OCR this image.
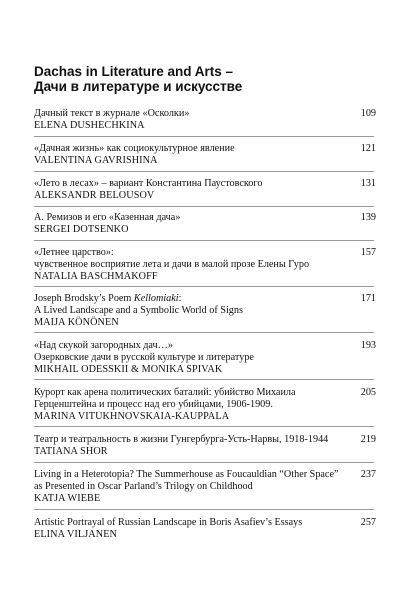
Dachas in Literature and Arts –
Дачи в литературе и искусстве
Дачный текст в журнале «Осколки»
ELENA DUSHECHKINA
109
«Дачная жизнь» как социокультурное явление
VALENTINA GAVRISHINA
121
«Лето в лесах» – вариант Константина Паустовского
ALEKSANDR BELOUSOV
131
А. Ремизов и его «Казенная дача»
SERGEI DOTSENKO
139
«Летнее царство»:
чувственное восприятие лета и дачи в малой прозе Елены Гуро
NATALIA BASCHMAKOFF
157
Joseph Brodsky’s Poem Kellomiaki:
A Lived Landscape and a Symbolic World of Signs
MAIJA KÖNÖNEN
171
«Над скукой загородных дач…»
Озерковские дачи в русской культуре и литературе
MIKHAIL ODESSKII & MONIKA SPIVAK
193
Курорт как арена политических баталий: убийство Михаила
Герценштейна и процесс над его убийцами, 1906-1909.
MARINA VITUKHNOVSKAIA-KAUPPALA
205
Театр и театральность в жизни Гунгербурга-Усть-Нарвы, 1918-1944
TATIANA SHOR
219
Living in a Heterotopia? The Summerhouse as Foucauldian “Other Space”
as Presented in Oscar Parland’s Trilogy on Childhood
KATJA WIEBE
237
Artistic Portrayal of Russian Landscape in Boris Asafiev’s Essays
ELINA VILJANEN
257
